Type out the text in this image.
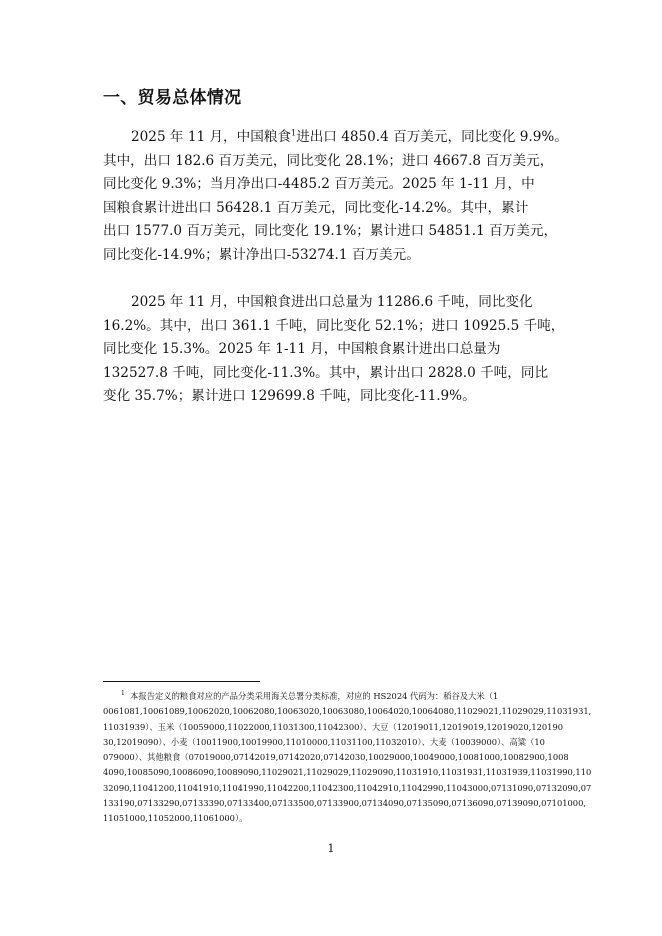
一、贸易总体情况

2025 年 11 月，中国粮食$^1$进出口 4850.4 百万美元，同比变化 9.9%。
其中，出口 182.6 百万美元，同比变化 28.1%；进口 4667.8 百万美元，
同比变化 9.3%；当月净出口-4485.2 百万美元。2025 年 1-11 月，中
国粮食累计进出口 56428.1 百万美元，同比变化-14.2%。其中，累计
出口 1577.0 百万美元，同比变化 19.1%；累计进口 54851.1 百万美元，
同比变化-14.9%；累计净出口-53274.1 百万美元。

2025 年 11 月，中国粮食进出口总量为 11286.6 千吨，同比变化
16.2%。其中，出口 361.1 千吨，同比变化 52.1%；进口 10925.5 千吨，
同比变化 15.3%。2025 年 1-11 月，中国粮食累计进出口总量为
132527.8 千吨，同比变化-11.3%。其中，累计出口 2828.0 千吨，同比
变化 35.7%；累计进口 129699.8 千吨，同比变化-11.9%。

$^1$ 本报告定义的粮食对应的产品分类采用海关总署分类标准，对应的 HS2024 代码为：稻谷及大米（1
0061081,10061089,10062020,10062080,10063020,10063080,10064020,10064080,11029021,11029029,11031931,
11031939）、玉米（10059000,11022000,11031300,11042300）、大豆（12019011,12019019,12019020,120190
30,12019090）、小麦（10011900,10019900,11010000,11031100,11032010）、大麦（10039000）、高粱（10
079000）、其他粮食（07019000,07142019,07142020,07142030,10029000,10049000,10081000,10082900,1008
4090,10085090,10086090,10089090,11029021,11029029,11029090,11031910,11031931,11031939,11031990,110
32090,11041200,11041910,11041990,11042200,11042300,11042910,11042990,11043000,07131090,07132090,07
133190,07133290,07133390,07133400,07133500,07133900,07134090,07135090,07136090,07139090,07101000,
11051000,11052000,11061000）。
1
